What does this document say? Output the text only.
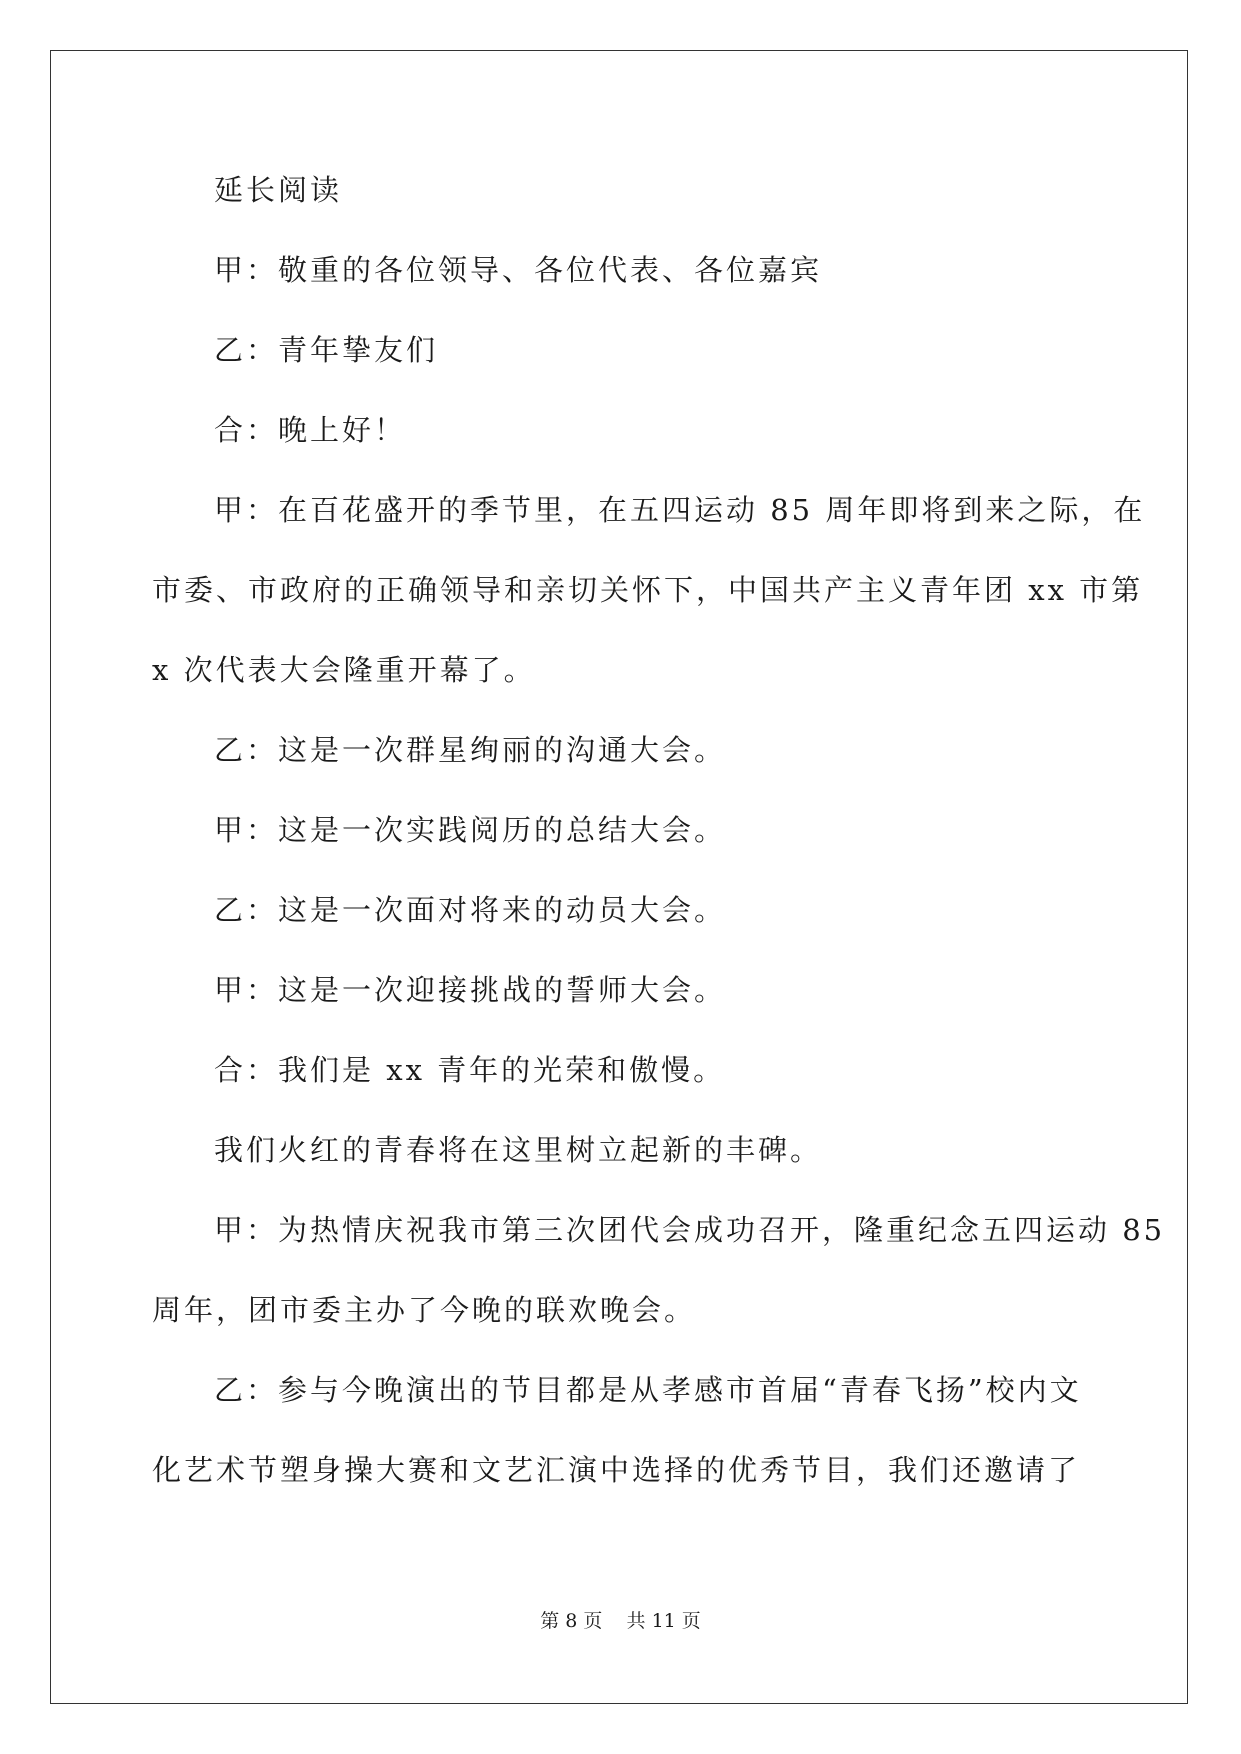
延长阅读
甲：敬重的各位领导、各位代表、各位嘉宾
乙：青年挚友们
合：晚上好！
甲：在百花盛开的季节里，在五四运动 85 周年即将到来之际，在
市委、市政府的正确领导和亲切关怀下，中国共产主义青年团 xx 市第
x 次代表大会隆重开幕了。
乙：这是一次群星绚丽的沟通大会。
甲：这是一次实践阅历的总结大会。
乙：这是一次面对将来的动员大会。
甲：这是一次迎接挑战的誓师大会。
合：我们是 xx 青年的光荣和傲慢。
我们火红的青春将在这里树立起新的丰碑。
甲：为热情庆祝我市第三次团代会成功召开，隆重纪念五四运动 85
周年，团市委主办了今晚的联欢晚会。
乙：参与今晚演出的节目都是从孝感市首届“青春飞扬”校内文
化艺术节塑身操大赛和文艺汇演中选择的优秀节目，我们还邀请了
第 8 页    共 11 页
